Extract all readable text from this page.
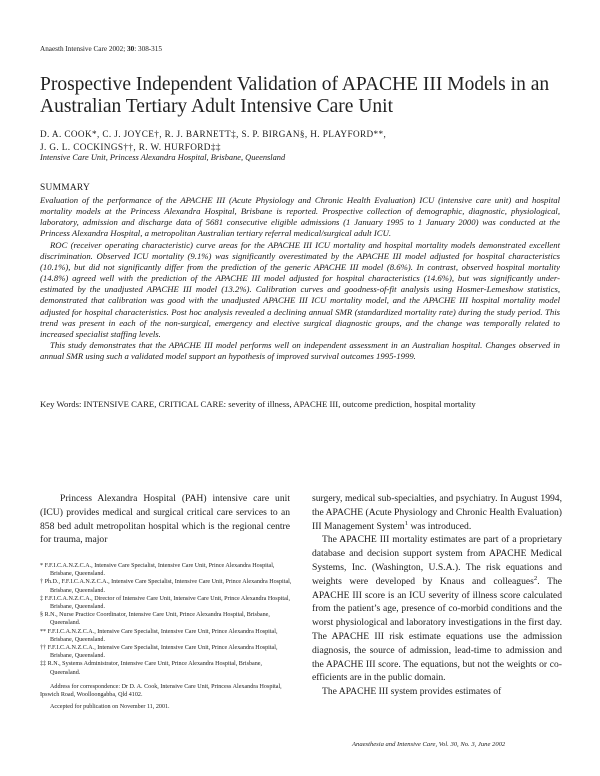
Anaesth Intensive Care 2002; 30: 308-315
Prospective Independent Validation of APACHE III Models in an Australian Tertiary Adult Intensive Care Unit
D. A. COOK*, C. J. JOYCE†, R. J. BARNETT‡, S. P. BIRGAN§, H. PLAYFORD**,
J. G. L. COCKINGS††, R. W. HURFORD‡‡
Intensive Care Unit, Princess Alexandra Hospital, Brisbane, Queensland
SUMMARY

Evaluation of the performance of the APACHE III (Acute Physiology and Chronic Health Evaluation) ICU (intensive care unit) and hospital mortality models at the Princess Alexandra Hospital, Brisbane is reported. Prospective collection of demographic, diagnostic, physiological, laboratory, admission and discharge data of 5681 consecutive eligible admissions (1 January 1995 to 1 January 2000) was conducted at the Princess Alexandra Hospital, a metropolitan Australian tertiary referral medical/surgical adult ICU.

ROC (receiver operating characteristic) curve areas for the APACHE III ICU mortality and hospital mortality models demonstrated excellent discrimination. Observed ICU mortality (9.1%) was significantly overestimated by the APACHE III model adjusted for hospital characteristics (10.1%), but did not significantly differ from the prediction of the generic APACHE III model (8.6%). In contrast, observed hospital mortality (14.8%) agreed well with the prediction of the APACHE III model adjusted for hospital characteristics (14.6%), but was significantly under-estimated by the unadjusted APACHE III model (13.2%). Calibration curves and goodness-of-fit analysis using Hosmer-Lemeshow statistics, demonstrated that calibration was good with the unadjusted APACHE III ICU mortality model, and the APACHE III hospital mortality model adjusted for hospital characteristics. Post hoc analysis revealed a declining annual SMR (standardized mortality rate) during the study period. This trend was present in each of the non-surgical, emergency and elective surgical diagnostic groups, and the change was temporally related to increased specialist staffing levels.

This study demonstrates that the APACHE III model performs well on independent assessment in an Australian hospital. Changes observed in annual SMR using such a validated model support an hypothesis of improved survival outcomes 1995-1999.

Key Words: INTENSIVE CARE, CRITICAL CARE: severity of illness, APACHE III, outcome prediction, hospital mortality

Princess Alexandra Hospital (PAH) intensive care unit (ICU) provides medical and surgical critical care services to an 858 bed adult metropolitan hospital which is the regional centre for trauma, major

* F.F.I.C.A.N.Z.C.A., Intensive Care Specialist, Intensive Care Unit, Prince Alexandra Hospital, Brisbane, Queensland.
† Ph.D., F.F.I.C.A.N.Z.C.A., Intensive Care Specialist, Intensive Care Unit, Prince Alexandra Hospital, Brisbane, Queensland.
‡ F.F.I.C.A.N.Z.C.A., Director of Intensive Care Unit, Intensive Care Unit, Prince Alexandra Hospital, Brisbane, Queensland.
§ R.N., Nurse Practice Coordinator, Intensive Care Unit, Prince Alexandra Hospital, Brisbane, Queensland.
** F.F.I.C.A.N.Z.C.A., Intensive Care Specialist, Intensive Care Unit, Prince Alexandra Hospital, Brisbane, Queensland.
†† F.F.I.C.A.N.Z.C.A., Intensive Care Specialist, Intensive Care Unit, Prince Alexandra Hospital, Brisbane, Queensland.
‡‡ R.N., Systems Administrator, Intensive Care Unit, Prince Alexandra Hospital, Brisbane, Queensland.
Address for correspondence: Dr D. A. Cook, Intensive Care Unit, Princess Alexandra Hospital, Ipswich Road, Woolloongabba, Qld 4102.
Accepted for publication on November 11, 2001.

surgery, medical sub-specialties, and psychiatry. In August 1994, the APACHE (Acute Physiology and Chronic Health Evaluation) III Management System$^1$ was introduced.

The APACHE III mortality estimates are part of a proprietary database and decision support system from APACHE Medical Systems, Inc. (Washington, U.S.A.). The risk equations and weights were developed by Knaus and colleagues$^2$. The APACHE III score is an ICU severity of illness score calculated from the patient’s age, presence of co-morbid conditions and the worst physiological and laboratory investigations in the first day. The APACHE III risk estimate equations use the admission diagnosis, the source of admission, lead-time to admission and the APACHE III score. The equations, but not the weights or co-efficients are in the public domain.

The APACHE III system provides estimates of

Anaesthesia and Intensive Care, Vol. 30, No. 3, June 2002
